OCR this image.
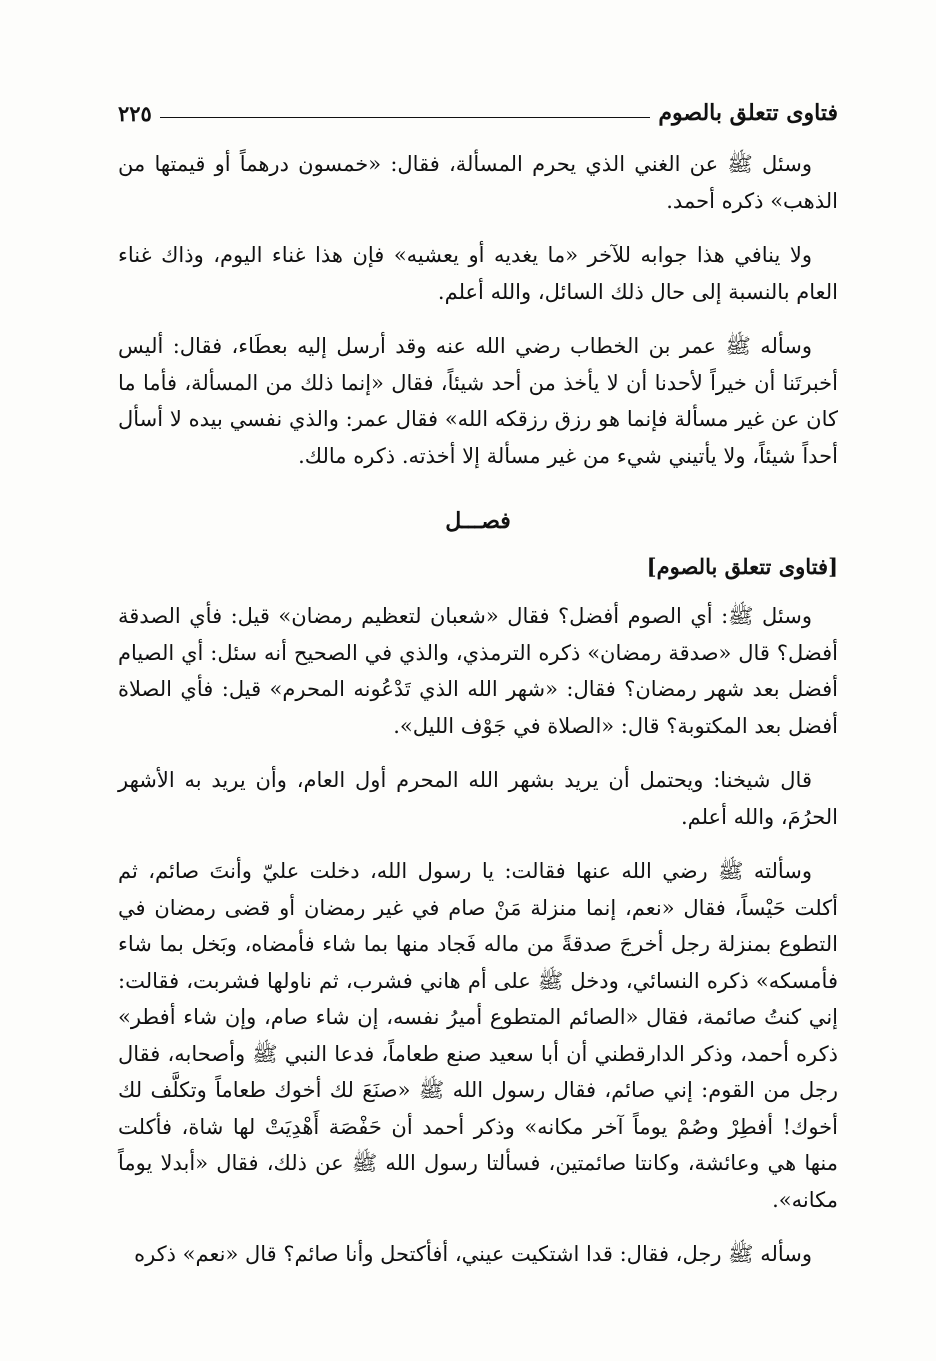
فتاوى تتعلق بالصوم
٢٢٥

وسئل ﷺ عن الغني الذي يحرم المسألة، فقال: «خمسون درهماً أو قيمتها من الذهب» ذكره أحمد.

ولا ينافي هذا جوابه للآخر «ما يغديه أو يعشيه» فإن هذا غناء اليوم، وذاك غناء العام بالنسبة إلى حال ذلك السائل، والله أعلم.

وسأله ﷺ عمر بن الخطاب رضي الله عنه وقد أرسل إليه بعطَاء، فقال: أليس أخبرتَنا أن خيراً لأحدنا أن لا يأخذ من أحد شيئاً، فقال «إنما ذلك من المسألة، فأما ما كان عن غير مسألة فإنما هو رزق رزقكه الله» فقال عمر: والذي نفسي بيده لا أسأل أحداً شيئاً، ولا يأتيني شيء من غير مسألة إلا أخذته. ذكره مالك.

فصـــل
[فتاوى تتعلق بالصوم]

وسئل ﷺ: أي الصوم أفضل؟ فقال «شعبان لتعظيم رمضان» قيل: فأي الصدقة أفضل؟ قال «صدقة رمضان» ذكره الترمذي، والذي في الصحيح أنه سئل: أي الصيام أفضل بعد شهر رمضان؟ فقال: «شهر الله الذي تَدْعُونه المحرم» قيل: فأي الصلاة أفضل بعد المكتوبة؟ قال: «الصلاة في جَوْف الليل».

قال شيخنا: ويحتمل أن يريد بشهر الله المحرم أول العام، وأن يريد به الأشهر الحرُمَ، والله أعلم.

وسألته ﷺ رضي الله عنها فقالت: يا رسول الله، دخلت عليّ وأنتَ صائم، ثم أكلت حَيْساً، فقال «نعم، إنما منزلة مَنْ صام في غير رمضان أو قضى رمضان في التطوع بمنزلة رجل أخرجَ صدقةً من ماله فَجاد منها بما شاء فأمضاه، وبَخل بما شاء فأمسكه» ذكره النسائي، ودخل ﷺ على أم هاني فشرب، ثم ناولها فشربت، فقالت: إني كنتُ صائمة، فقال «الصائم المتطوع أميرُ نفسه، إن شاء صام، وإن شاء أفطر» ذكره أحمد، وذكر الدارقطني أن أبا سعيد صنع طعاماً، فدعا النبي ﷺ وأصحابه، فقال رجل من القوم: إني صائم، فقال رسول الله ﷺ «صنَعَ لك أخوك طعاماً وتكلَّف لك أخوك! أفطِرْ وصُمْ يوماً آخر مكانه» وذكر أحمد أن حَفْصَة أَهْدِيَتْ لها شاة، فأكلت منها هي وعائشة، وكانتا صائمتين، فسألتا رسول الله ﷺ عن ذلك، فقال «أبدلا يوماً مكانه».

وسأله ﷺ رجل، فقال: قدا اشتكيت عيني، أفأكتحل وأنا صائم؟ قال «نعم» ذكره
